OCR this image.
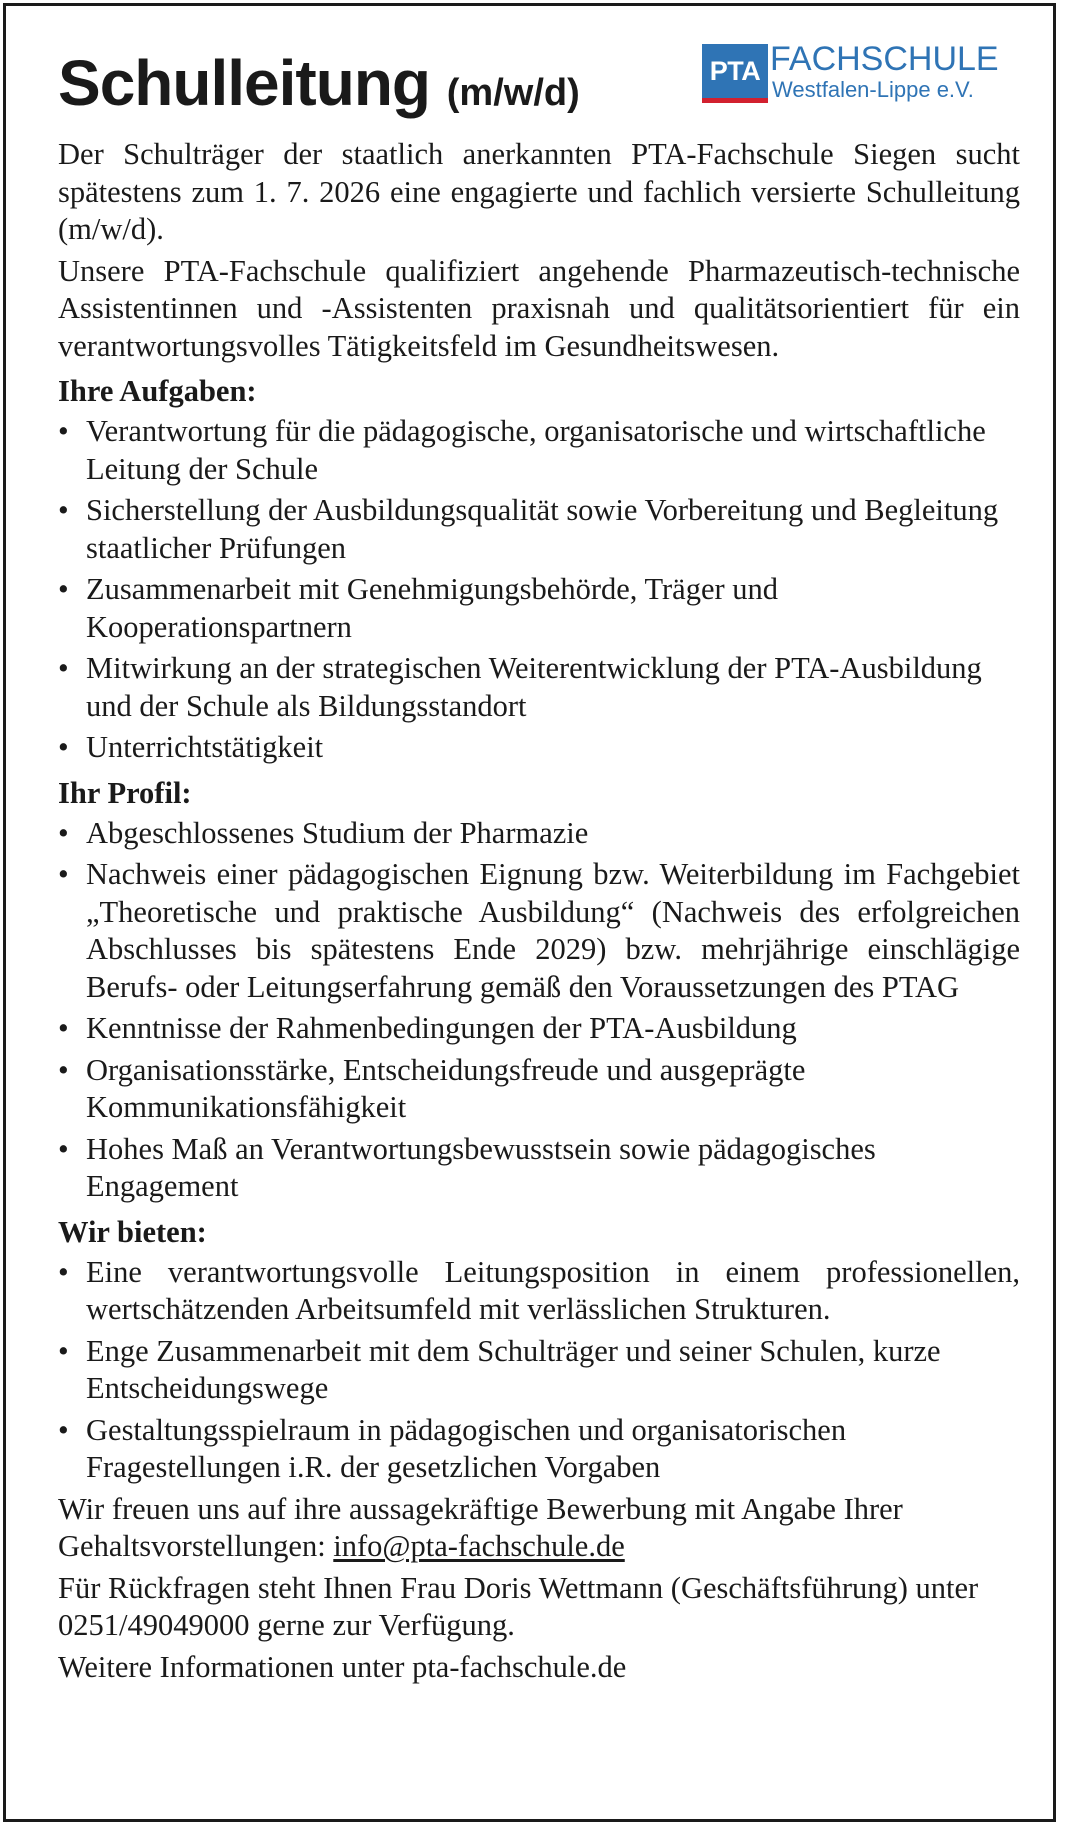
Schulleitung (m/w/d)
PTA FACHSCHULE
Westfalen-Lippe e.V.

Der Schulträger der staatlich anerkannten PTA-Fachschule Siegen sucht spätestens zum 1. 7. 2026 eine engagierte und fachlich versierte Schulleitung (m/w/d).

Unsere PTA-Fachschule qualifiziert angehende Pharmazeutisch-technische Assistentinnen und -Assistenten praxisnah und qualitätsorientiert für ein verantwortungsvolles Tätigkeitsfeld im Gesundheitswesen.

Ihre Aufgaben:
• Verantwortung für die pädagogische, organisatorische und wirtschaftliche Leitung der Schule
• Sicherstellung der Ausbildungsqualität sowie Vorbereitung und Begleitung staatlicher Prüfungen
• Zusammenarbeit mit Genehmigungsbehörde, Träger und Kooperationspartnern
• Mitwirkung an der strategischen Weiterentwicklung der PTA-Ausbildung und der Schule als Bildungsstandort
• Unterrichtstätigkeit
Ihr Profil:
• Abgeschlossenes Studium der Pharmazie
• Nachweis einer pädagogischen Eignung bzw. Weiterbildung im Fachgebiet „Theoretische und praktische Ausbildung“ (Nachweis des erfolgreichen Abschlusses bis spätestens Ende 2029) bzw. mehrjährige einschlägige Berufs- oder Leitungserfahrung gemäß den Voraussetzungen des PTAG
• Kenntnisse der Rahmenbedingungen der PTA-Ausbildung
• Organisationsstärke, Entscheidungsfreude und ausgeprägte Kommunikationsfähigkeit
• Hohes Maß an Verantwortungsbewusstsein sowie pädagogisches Engagement
Wir bieten:
• Eine verantwortungsvolle Leitungsposition in einem professionellen, wertschätzenden Arbeitsumfeld mit verlässlichen Strukturen.
• Enge Zusammenarbeit mit dem Schulträger und seiner Schulen, kurze Entscheidungswege
• Gestaltungsspielraum in pädagogischen und organisatorischen Fragestellungen i.R. der gesetzlichen Vorgaben

Wir freuen uns auf ihre aussagekräftige Bewerbung mit Angabe Ihrer Gehaltsvorstellungen: info@pta-fachschule.de

Für Rückfragen steht Ihnen Frau Doris Wettmann (Geschäftsführung) unter 0251/49049000 gerne zur Verfügung.

Weitere Informationen unter pta-fachschule.de
